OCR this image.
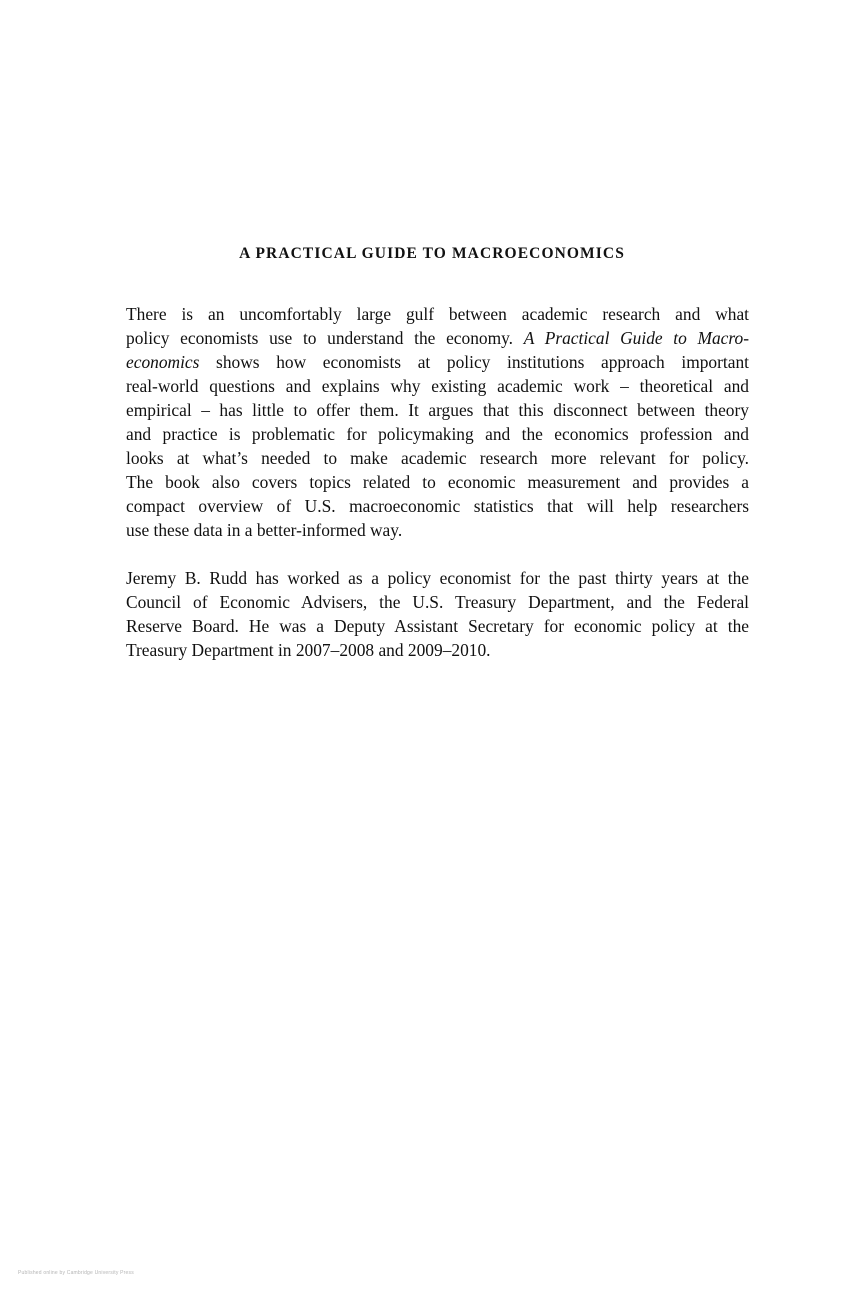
A PRACTICAL GUIDE TO MACROECONOMICS
There is an uncomfortably large gulf between academic research and what
policy economists use to understand the economy. A Practical Guide to Macro-
economics shows how economists at policy institutions approach important
real-world questions and explains why existing academic work – theoretical and
empirical – has little to offer them. It argues that this disconnect between theory
and practice is problematic for policymaking and the economics profession and
looks at what’s needed to make academic research more relevant for policy.
The book also covers topics related to economic measurement and provides a
compact overview of U.S. macroeconomic statistics that will help researchers
use these data in a better-informed way.
Jeremy B. Rudd has worked as a policy economist for the past thirty years at the
Council of Economic Advisers, the U.S. Treasury Department, and the Federal
Reserve Board. He was a Deputy Assistant Secretary for economic policy at the
Treasury Department in 2007–2008 and 2009–2010.
Published online by Cambridge University Press
